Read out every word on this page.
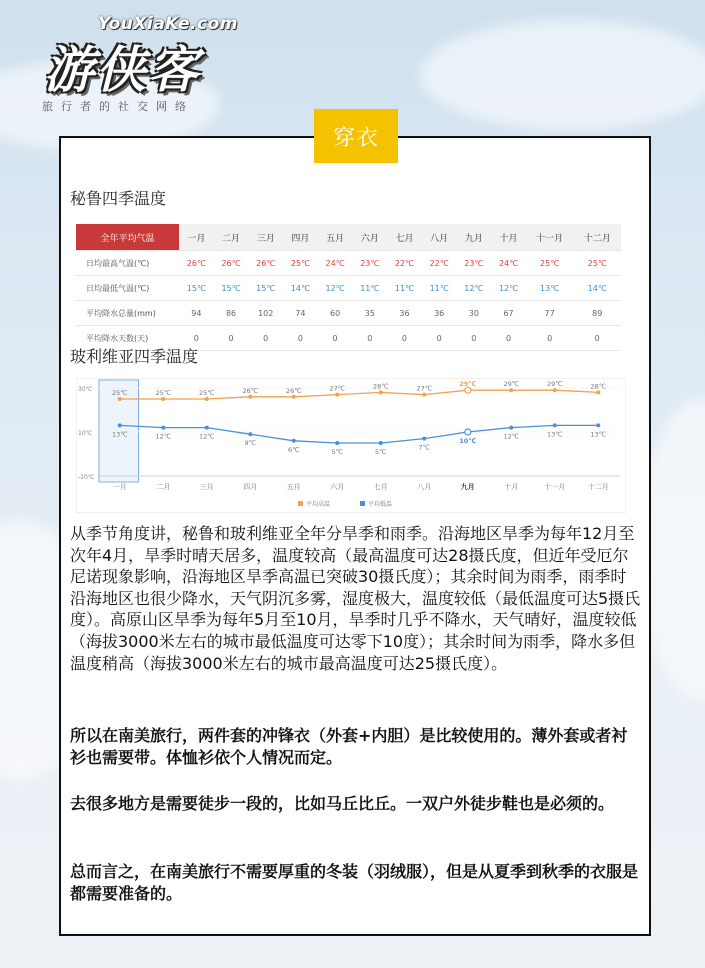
YouXiaKe.com
游侠客
旅行者的社交网络
穿衣
秘鲁四季温度
全年平均气温	一月	二月	三月	四月	五月	六月	七月	八月	九月	十月	十一月	十二月
日均最高气温(℃)	26℃	26℃	26℃	25℃	24℃	23℃	22℃	22℃	23℃	24℃	25℃	25℃
日均最低气温(℃)	15℃	15℃	15℃	14℃	12℃	11℃	11℃	11℃	12℃	12℃	13℃	14℃
平均降水总量(mm)	94	86	102	74	60	35	36	36	30	67	77	89
平均降水天数(天)	0	0	0	0	0	0	0	0	0	0	0	0
玻利维亚四季温度
30℃
10℃
-10℃
一月	二月	三月	四月	五月	六月	七月	八月	九月	十月	十一月	十二月
25℃	25℃	25℃	26℃	26℃	27℃	28℃	27℃
29℃	29℃	29℃	28℃
13℃	12℃	12℃
9℃
6℃	5℃	5℃
7℃
10℃
12℃	13℃	13℃
平均高温	平均低温

从季节角度讲，秘鲁和玻利维亚全年分旱季和雨季。沿海地区旱季为每年12月至次年4月，旱季时晴天居多，温度较高（最高温度可达28摄氏度，但近年受厄尔尼诺现象影响，沿海地区旱季高温已突破30摄氏度）；其余时间为雨季，雨季时沿海地区也很少降水，天气阴沉多雾，湿度极大，温度较低（最低温度可达5摄氏度）。高原山区旱季为每年5月至10月，旱季时几乎不降水，天气晴好，温度较低（海拔3000米左右的城市最低温度可达零下10度）；其余时间为雨季，降水多但温度稍高（海拔3000米左右的城市最高温度可达25摄氏度）。

所以在南美旅行，两件套的冲锋衣（外套+内胆）是比较使用的。薄外套或者衬衫也需要带。体恤衫依个人情况而定。

去很多地方是需要徒步一段的，比如马丘比丘。一双户外徒步鞋也是必须的。

总而言之，在南美旅行不需要厚重的冬装（羽绒服），但是从夏季到秋季的衣服是都需要准备的。
